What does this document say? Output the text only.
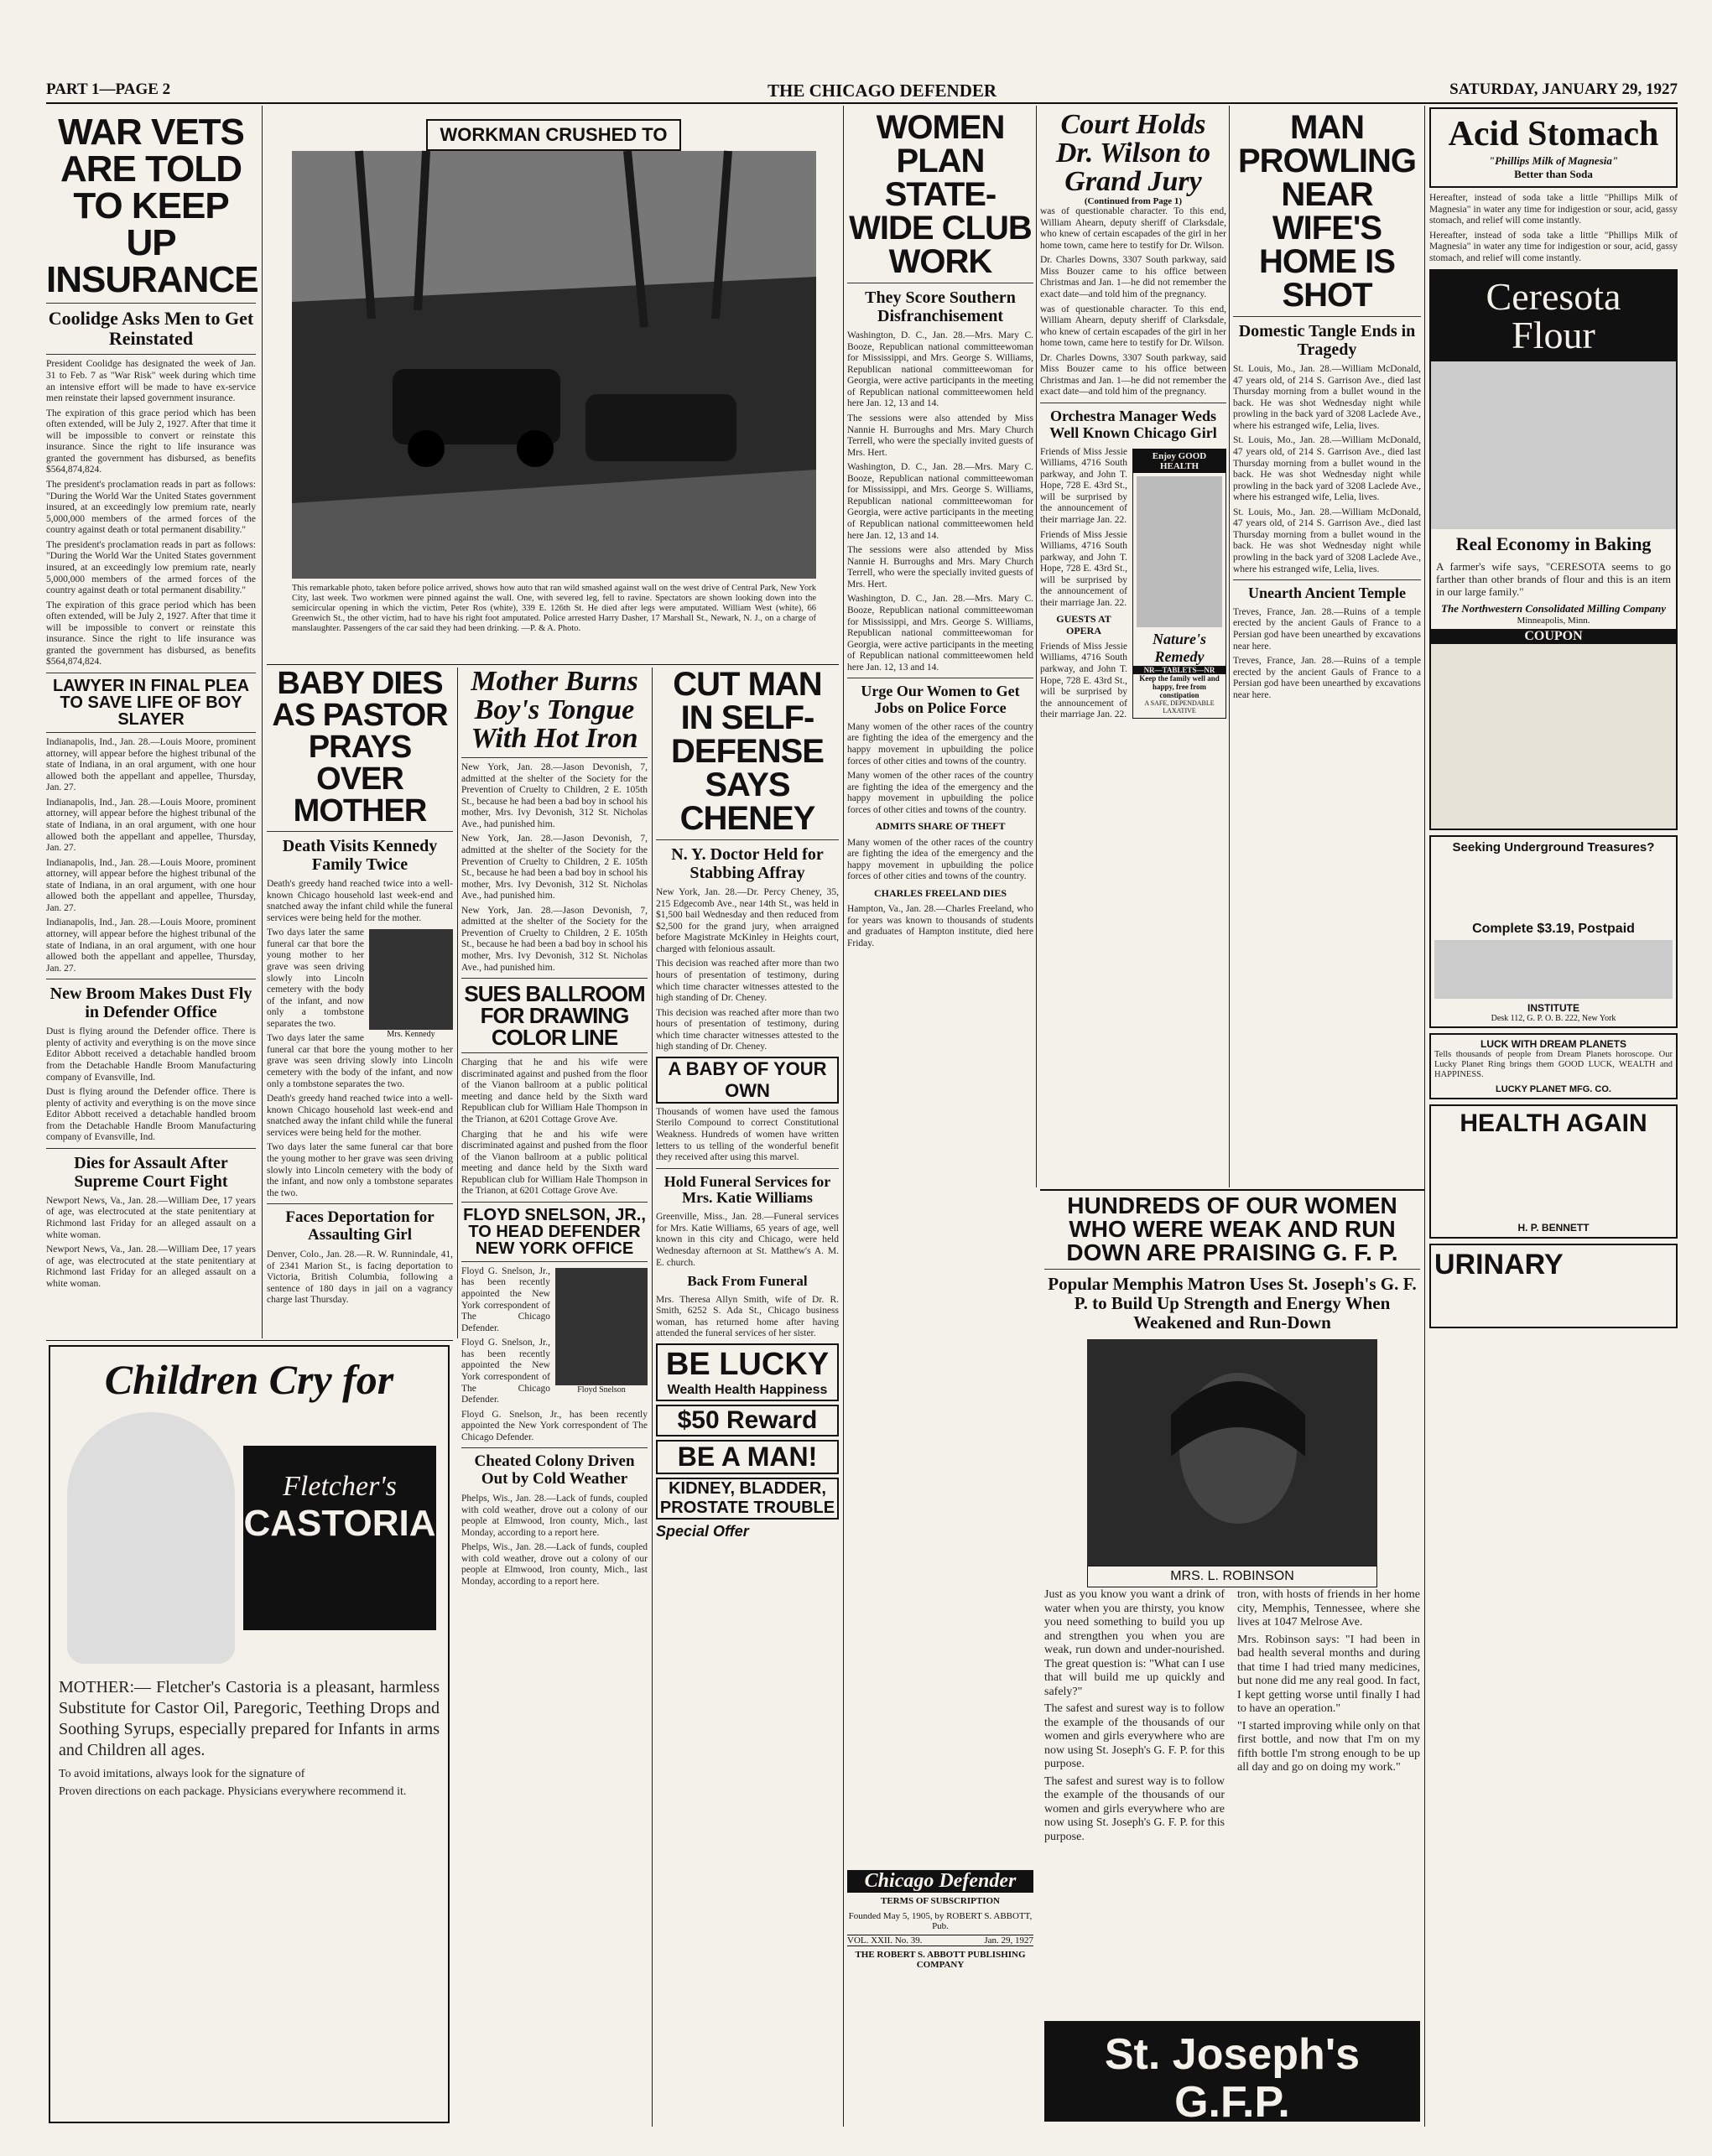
PART 1—PAGE 2	THE CHICAGO DEFENDER	SATURDAY, JANUARY 29, 1927
WAR VETS ARE TOLD TO KEEP UP INSURANCE
Coolidge Asks Men to Get Reinstated

President Coolidge has designated the week of Jan. 31 to Feb. 7 as "War Risk" week during which time an intensive effort will be made to have ex-service men reinstate their lapsed government insurance.

The expiration of this grace period which has been often extended, will be July 2, 1927. After that time it will be impossible to convert or reinstate this insurance. Since the right to life insurance was granted the government has disbursed, as benefits $564,874,824.

The president's proclamation reads in part as follows: "During the World War the United States government insured, at an exceedingly low premium rate, nearly 5,000,000 members of the armed forces of the country against death or total permanent disability."

The president's proclamation reads in part as follows: "During the World War the United States government insured, at an exceedingly low premium rate, nearly 5,000,000 members of the armed forces of the country against death or total permanent disability."

The expiration of this grace period which has been often extended, will be July 2, 1927. After that time it will be impossible to convert or reinstate this insurance. Since the right to life insurance was granted the government has disbursed, as benefits $564,874,824.

LAWYER IN FINAL PLEA TO SAVE LIFE OF BOY SLAYER

Indianapolis, Ind., Jan. 28.—Louis Moore, prominent attorney, will appear before the highest tribunal of the state of Indiana, in an oral argument, with one hour allowed both the appellant and appellee, Thursday, Jan. 27.

Indianapolis, Ind., Jan. 28.—Louis Moore, prominent attorney, will appear before the highest tribunal of the state of Indiana, in an oral argument, with one hour allowed both the appellant and appellee, Thursday, Jan. 27.

Indianapolis, Ind., Jan. 28.—Louis Moore, prominent attorney, will appear before the highest tribunal of the state of Indiana, in an oral argument, with one hour allowed both the appellant and appellee, Thursday, Jan. 27.

Indianapolis, Ind., Jan. 28.—Louis Moore, prominent attorney, will appear before the highest tribunal of the state of Indiana, in an oral argument, with one hour allowed both the appellant and appellee, Thursday, Jan. 27.

New Broom Makes Dust Fly in Defender Office

Dust is flying around the Defender office. There is plenty of activity and everything is on the move since Editor Abbott received a detachable handled broom from the Detachable Handle Broom Manufacturing company of Evansville, Ind.

Dust is flying around the Defender office. There is plenty of activity and everything is on the move since Editor Abbott received a detachable handled broom from the Detachable Handle Broom Manufacturing company of Evansville, Ind.

Dies for Assault After Supreme Court Fight

Newport News, Va., Jan. 28.—William Dee, 17 years of age, was electrocuted at the state penitentiary at Richmond last Friday for an alleged assault on a white woman.

Newport News, Va., Jan. 28.—William Dee, 17 years of age, was electrocuted at the state penitentiary at Richmond last Friday for an alleged assault on a white woman.

WORKMAN CRUSHED TO
This remarkable photo, taken before police arrived, shows how auto that ran wild smashed against wall on the west drive of Central Park, New York City, last week. Two workmen were pinned against the wall. One, with severed leg, fell to ravine. Spectators are shown looking down into the semicircular opening in which the victim, Peter Ros (white), 339 E. 126th St. He died after legs were amputated. William West (white), 66 Greenwich St., the other victim, had to have his right foot amputated. Police arrested Harry Dasher, 17 Marshall St., Newark, N. J., on a charge of manslaughter. Passengers of the car said they had been drinking. —P. & A. Photo.
BABY DIES AS PASTOR PRAYS OVER MOTHER
Death Visits Kennedy Family Twice

Death's greedy hand reached twice into a well-known Chicago household last week-end and snatched away the infant child while the funeral services were being held for the mother.

Mrs. Kennedy

Two days later the same funeral car that bore the young mother to her grave was seen driving slowly into Lincoln cemetery with the body of the infant, and now only a tombstone separates the two.

Two days later the same funeral car that bore the young mother to her grave was seen driving slowly into Lincoln cemetery with the body of the infant, and now only a tombstone separates the two.

Death's greedy hand reached twice into a well-known Chicago household last week-end and snatched away the infant child while the funeral services were being held for the mother.

Two days later the same funeral car that bore the young mother to her grave was seen driving slowly into Lincoln cemetery with the body of the infant, and now only a tombstone separates the two.

Faces Deportation for Assaulting Girl

Denver, Colo., Jan. 28.—R. W. Runnindale, 41, of 2341 Marion St., is facing deportation to Victoria, British Columbia, following a sentence of 180 days in jail on a vagrancy charge last Thursday.

Mother Burns Boy's Tongue With Hot Iron

New York, Jan. 28.—Jason Devonish, 7, admitted at the shelter of the Society for the Prevention of Cruelty to Children, 2 E. 105th St., because he had been a bad boy in school his mother, Mrs. Ivy Devonish, 312 St. Nicholas Ave., had punished him.

New York, Jan. 28.—Jason Devonish, 7, admitted at the shelter of the Society for the Prevention of Cruelty to Children, 2 E. 105th St., because he had been a bad boy in school his mother, Mrs. Ivy Devonish, 312 St. Nicholas Ave., had punished him.

New York, Jan. 28.—Jason Devonish, 7, admitted at the shelter of the Society for the Prevention of Cruelty to Children, 2 E. 105th St., because he had been a bad boy in school his mother, Mrs. Ivy Devonish, 312 St. Nicholas Ave., had punished him.

SUES BALLROOM FOR DRAWING COLOR LINE

Charging that he and his wife were discriminated against and pushed from the floor of the Vianon ballroom at a public political meeting and dance held by the Sixth ward Republican club for William Hale Thompson in the Trianon, at 6201 Cottage Grove Ave.

Charging that he and his wife were discriminated against and pushed from the floor of the Vianon ballroom at a public political meeting and dance held by the Sixth ward Republican club for William Hale Thompson in the Trianon, at 6201 Cottage Grove Ave.

FLOYD SNELSON, JR., TO HEAD DEFENDER NEW YORK OFFICE
Floyd Snelson

Floyd G. Snelson, Jr., has been recently appointed the New York correspondent of The Chicago Defender.

Floyd G. Snelson, Jr., has been recently appointed the New York correspondent of The Chicago Defender.

Floyd G. Snelson, Jr., has been recently appointed the New York correspondent of The Chicago Defender.

Cheated Colony Driven Out by Cold Weather

Phelps, Wis., Jan. 28.—Lack of funds, coupled with cold weather, drove out a colony of our people at Elmwood, Iron county, Mich., last Monday, according to a report here.

Phelps, Wis., Jan. 28.—Lack of funds, coupled with cold weather, drove out a colony of our people at Elmwood, Iron county, Mich., last Monday, according to a report here.

CUT MAN IN SELF-DEFENSE SAYS CHENEY
N. Y. Doctor Held for Stabbing Affray

New York, Jan. 28.—Dr. Percy Cheney, 35, 215 Edgecomb Ave., near 14th St., was held in $1,500 bail Wednesday and then reduced from $2,500 for the grand jury, when arraigned before Magistrate McKinley in Heights court, charged with felonious assault.

This decision was reached after more than two hours of presentation of testimony, during which time character witnesses attested to the high standing of Dr. Cheney.

This decision was reached after more than two hours of presentation of testimony, during which time character witnesses attested to the high standing of Dr. Cheney.

A BABY OF YOUR OWN

Thousands of women have used the famous Sterilo Compound to correct Constitutional Weakness. Hundreds of women have written letters to us telling of the wonderful benefit they received after using this marvel.

Hold Funeral Services for Mrs. Katie Williams

Greenville, Miss., Jan. 28.—Funeral services for Mrs. Katie Williams, 65 years of age, well known in this city and Chicago, were held Wednesday afternoon at St. Matthew's A. M. E. church.

Back From Funeral

Mrs. Theresa Allyn Smith, wife of Dr. R. Smith, 6252 S. Ada St., Chicago business woman, has returned home after having attended the funeral services of her sister.

BE LUCKY
Wealth Health Happiness
$50 Reward
BE A MAN!
KIDNEY, BLADDER, PROSTATE TROUBLE
Special Offer
WOMEN PLAN STATE-WIDE CLUB WORK
They Score Southern Disfranchisement

Washington, D. C., Jan. 28.—Mrs. Mary C. Booze, Republican national committeewoman for Mississippi, and Mrs. George S. Williams, Republican national committeewoman for Georgia, were active participants in the meeting of Republican national committeewomen held here Jan. 12, 13 and 14.

The sessions were also attended by Miss Nannie H. Burroughs and Mrs. Mary Church Terrell, who were the specially invited guests of Mrs. Hert.

Washington, D. C., Jan. 28.—Mrs. Mary C. Booze, Republican national committeewoman for Mississippi, and Mrs. George S. Williams, Republican national committeewoman for Georgia, were active participants in the meeting of Republican national committeewomen held here Jan. 12, 13 and 14.

The sessions were also attended by Miss Nannie H. Burroughs and Mrs. Mary Church Terrell, who were the specially invited guests of Mrs. Hert.

Washington, D. C., Jan. 28.—Mrs. Mary C. Booze, Republican national committeewoman for Mississippi, and Mrs. George S. Williams, Republican national committeewoman for Georgia, were active participants in the meeting of Republican national committeewomen held here Jan. 12, 13 and 14.

Urge Our Women to Get Jobs on Police Force

Many women of the other races of the country are fighting the idea of the emergency and the happy movement in upbuilding the police forces of other cities and towns of the country.

Many women of the other races of the country are fighting the idea of the emergency and the happy movement in upbuilding the police forces of other cities and towns of the country.

ADMITS SHARE OF THEFT

Many women of the other races of the country are fighting the idea of the emergency and the happy movement in upbuilding the police forces of other cities and towns of the country.

CHARLES FREELAND DIES

Hampton, Va., Jan. 28.—Charles Freeland, who for years was known to thousands of students and graduates of Hampton institute, died here Friday.

Court Holds Dr. Wilson to Grand Jury
(Continued from Page 1)

was of questionable character. To this end, William Ahearn, deputy sheriff of Clarksdale, who knew of certain escapades of the girl in her home town, came here to testify for Dr. Wilson.

Dr. Charles Downs, 3307 South parkway, said Miss Bouzer came to his office between Christmas and Jan. 1—he did not remember the exact date—and told him of the pregnancy.

was of questionable character. To this end, William Ahearn, deputy sheriff of Clarksdale, who knew of certain escapades of the girl in her home town, came here to testify for Dr. Wilson.

Dr. Charles Downs, 3307 South parkway, said Miss Bouzer came to his office between Christmas and Jan. 1—he did not remember the exact date—and told him of the pregnancy.

Orchestra Manager Weds Well Known Chicago Girl
Enjoy GOOD HEALTH
Nature's Remedy
NR—TABLETS—NR
Keep the family well and happy, free from constipation
A SAFE, DEPENDABLE LAXATIVE

Friends of Miss Jessie Williams, 4716 South parkway, and John T. Hope, 728 E. 43rd St., will be surprised by the announcement of their marriage Jan. 22.

Friends of Miss Jessie Williams, 4716 South parkway, and John T. Hope, 728 E. 43rd St., will be surprised by the announcement of their marriage Jan. 22.

GUESTS AT OPERA

Friends of Miss Jessie Williams, 4716 South parkway, and John T. Hope, 728 E. 43rd St., will be surprised by the announcement of their marriage Jan. 22.

MAN PROWLING NEAR WIFE'S HOME IS SHOT
Domestic Tangle Ends in Tragedy

St. Louis, Mo., Jan. 28.—William McDonald, 47 years old, of 214 S. Garrison Ave., died last Thursday morning from a bullet wound in the back. He was shot Wednesday night while prowling in the back yard of 3208 Laclede Ave., where his estranged wife, Lelia, lives.

St. Louis, Mo., Jan. 28.—William McDonald, 47 years old, of 214 S. Garrison Ave., died last Thursday morning from a bullet wound in the back. He was shot Wednesday night while prowling in the back yard of 3208 Laclede Ave., where his estranged wife, Lelia, lives.

St. Louis, Mo., Jan. 28.—William McDonald, 47 years old, of 214 S. Garrison Ave., died last Thursday morning from a bullet wound in the back. He was shot Wednesday night while prowling in the back yard of 3208 Laclede Ave., where his estranged wife, Lelia, lives.

Unearth Ancient Temple

Treves, France, Jan. 28.—Ruins of a temple erected by the ancient Gauls of France to a Persian god have been unearthed by excavations near here.

Treves, France, Jan. 28.—Ruins of a temple erected by the ancient Gauls of France to a Persian god have been unearthed by excavations near here.

Acid Stomach
"Phillips Milk of Magnesia"
Better than Soda

Hereafter, instead of soda take a little "Phillips Milk of Magnesia" in water any time for indigestion or sour, acid, gassy stomach, and relief will come instantly.

Hereafter, instead of soda take a little "Phillips Milk of Magnesia" in water any time for indigestion or sour, acid, gassy stomach, and relief will come instantly.

Ceresota
Flour
Real Economy in Baking

A farmer's wife says, "CERESOTA seems to go farther than other brands of flour and this is an item in our large family."

The Northwestern Consolidated Milling Company
Minneapolis, Minn.
COUPON
Seeking Underground Treasures?
Complete $3.19, Postpaid
INSTITUTE
Desk 112, G. P. O. B. 222, New York
LUCK WITH DREAM PLANETS

Tells thousands of people from Dream Planets horoscope. Our Lucky Planet Ring brings them GOOD LUCK, WEALTH and HAPPINESS.

LUCKY PLANET MFG. CO.
HEALTH AGAIN
H. P. BENNETT
URINARY
HUNDREDS OF OUR WOMEN WHO WERE WEAK AND RUN DOWN ARE PRAISING G. F. P.
Popular Memphis Matron Uses St. Joseph's G. F. P. to Build Up Strength and Energy When Weakened and Run-Down
MRS. L. ROBINSON

Just as you know you want a drink of water when you are thirsty, you know you need something to build you up and strengthen you when you are weak, run down and under-nourished. The great question is: "What can I use that will build me up quickly and safely?"

The safest and surest way is to follow the example of the thousands of our women and girls everywhere who are now using St. Joseph's G. F. P. for this purpose.

The safest and surest way is to follow the example of the thousands of our women and girls everywhere who are now using St. Joseph's G. F. P. for this purpose.

tron, with hosts of friends in her home city, Memphis, Tennessee, where she lives at 1047 Melrose Ave.

Mrs. Robinson says: "I had been in bad health several months and during that time I had tried many medicines, but none did me any real good. In fact, I kept getting worse until finally I had to have an operation."

"I started improving while only on that first bottle, and now that I'm on my fifth bottle I'm strong enough to be up all day and go on doing my work."

St. Joseph's G.F.P.
Used by women for over 50 years
Children Cry for
Fletcher's
CASTORIA

MOTHER:— Fletcher's Castoria is a pleasant, harmless Substitute for Castor Oil, Paregoric, Teething Drops and Soothing Syrups, especially prepared for Infants in arms and Children all ages.

To avoid imitations, always look for the signature of

Proven directions on each package. Physicians everywhere recommend it.

Chicago Defender
TERMS OF SUBSCRIPTION
Founded May 5, 1905, by ROBERT S. ABBOTT, Pub.
VOL. XXII. No. 39.	Jan. 29, 1927
THE ROBERT S. ABBOTT PUBLISHING COMPANY
